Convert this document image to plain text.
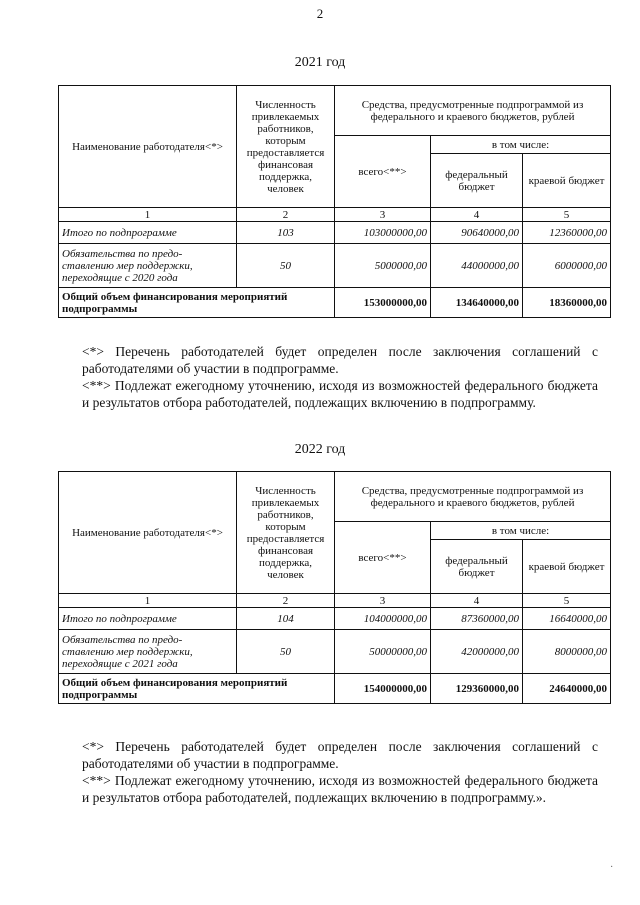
2
2021 год
Наименование работодателя<*>	Численность привлекаемых работников, которым предоставляется финансовая поддержка, человек	Средства, предусмотренные подпрограммой из федерального и краевого бюджетов, рублей		
		всего<**>	в том числе:	
			федеральный бюджет	краевой бюджет
1	2	3	4	5
Итого по подпрограмме	103	103000000,00	90640000,00	12360000,00
Обязательства по предо-ставлению мер поддержки, переходящие с 2020 года	50	5000000,00	44000000,00	6000000,00
Общий объем финансирования мероприятий подпрограммы		153000000,00	134640000,00	18360000,00

<*> Перечень работодателей будет определен после заключения соглашений с работодателями об участии в подпрограмме.

<**> Подлежат ежегодному уточнению, исходя из возможностей федерального бюджета и результатов отбора работодателей, подлежащих включению в подпрограмму.

2022 год
Наименование работодателя<*>	Численность привлекаемых работников, которым предоставляется финансовая поддержка, человек	Средства, предусмотренные подпрограммой из федерального и краевого бюджетов, рублей		
		всего<**>	в том числе:	
			федеральный бюджет	краевой бюджет
1	2	3	4	5
Итого по подпрограмме	104	104000000,00	87360000,00	16640000,00
Обязательства по предо-ставлению мер поддержки, переходящие с 2021 года	50	50000000,00	42000000,00	8000000,00
Общий объем финансирования мероприятий подпрограммы		154000000,00	129360000,00	24640000,00

<*> Перечень работодателей будет определен после заключения соглашений с работодателями об участии в подпрограмме.

<**> Подлежат ежегодному уточнению, исходя из возможностей федерального бюджета и результатов отбора работодателей, подлежащих включению в подпрограмму.».

·
